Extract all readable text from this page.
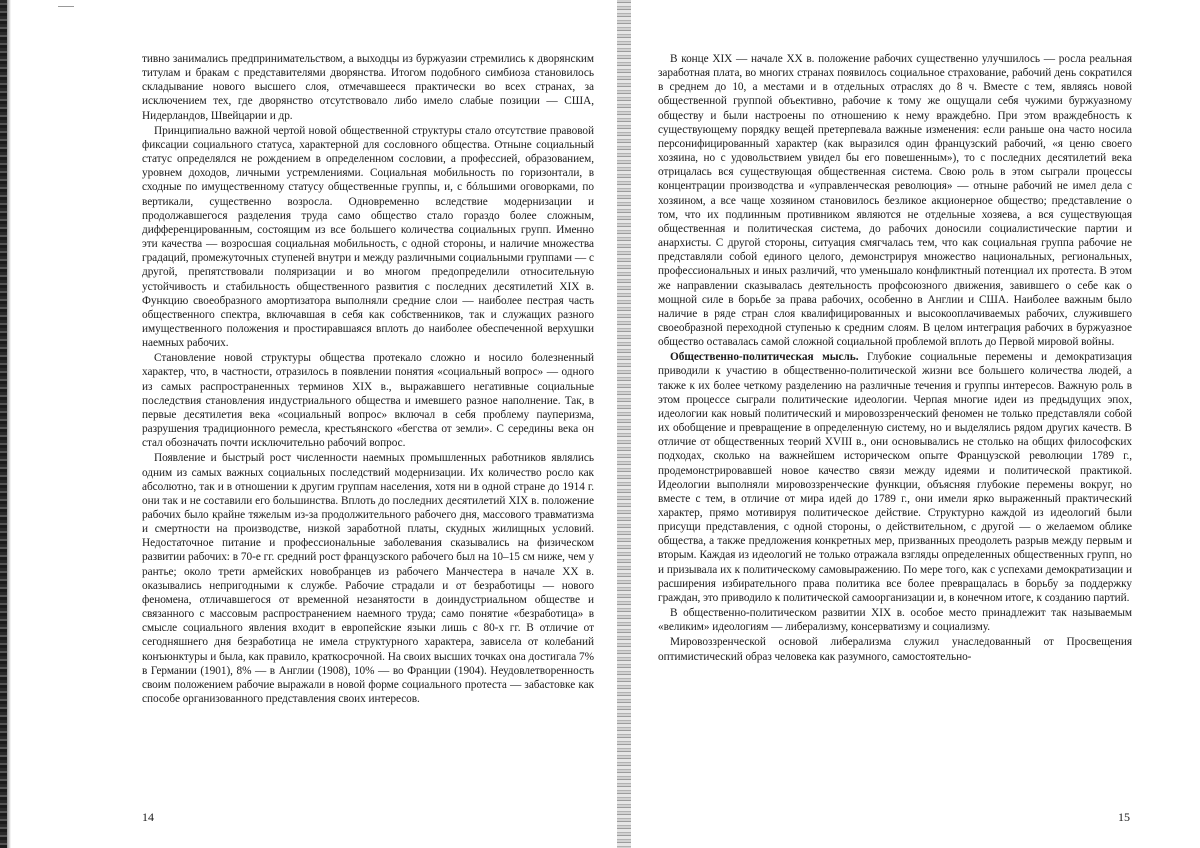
тивно занимались предпринимательством, а выходцы из буржуазии стремились к дворянским титулам и бракам с представителями дворянства. Итогом подобного симбиоза становилось складывание нового высшего слоя, отмечавшееся практически во всех странах, за исключением тех, где дворянство отсутствовало либо имело слабые позиции — США, Нидерландов, Швейцарии и др.

Принципиально важной чертой новой общественной структуры стало отсутствие правовой фиксации социального статуса, характерной для сословного общества. Отныне социальный статус определялся не рождением в определенном сословии, а профессией, образованием, уровнем доходов, личными устремлениями. Социальная мобильность по горизонтали, в сходные по имущественному статусу общественные группы, и, с бóльшими оговорками, по вертикали, существенно возросла. Одновременно вследствие модернизации и продолжавшегося разделения труда само общество стало гораздо более сложным, дифференцированным, состоящим из все большего количества социальных групп. Именно эти качества — возросшая социальная мобильность, с одной стороны, и наличие множества градаций, промежуточных ступеней внутри и между различными социальными группами — с другой, препятствовали поляризации и во многом предопределили относительную устойчивость и стабильность общественного развития с последних десятилетий XIX в. Функцию своеобразного амортизатора выполняли средние слои — наиболее пестрая часть общественного спектра, включавшая в себя как собственников, так и служащих разного имущественного положения и простиравшаяся вплоть до наиболее обеспеченной верхушки наемных рабочих.

Становление новой структуры общества протекало сложно и носило болезненный характер, что, в частности, отразилось в появлении понятия «социальный вопрос» — одного из самых распространенных терминов XIX в., выражавшего негативные социальные последствия становления индустриального общества и имевшего разное наполнение. Так, в первые десятилетия века «социальный вопрос» включал в себя проблему пауперизма, разрушения традиционного ремесла, крестьянского «бегства от земли». С середины века он стал обозначать почти исключительно рабочий вопрос.

Появление и быстрый рост численности наемных промышленных работников являлись одним из самых важных социальных последствий модернизации. Их количество росло как абсолютно, так и в отношении к другим группам населения, хотя ни в одной стране до 1914 г. они так и не составили его большинства. Вплоть до последних десятилетий XIX в. положение рабочих было крайне тяжелым из-за продолжительного рабочего дня, массового травматизма и смертности на производстве, низкой заработной платы, скудных жилищных условий. Недостаточное питание и профессиональные заболевания сказывались на физическом развитии рабочих: в 70-е гг. средний рост французского рабочего был на 10–15 см ниже, чем у рантье; около трети армейских новобранцев из рабочего Манчестера в начале XX в. оказывались непригодными к службе. Рабочие страдали и от безработицы — нового феномена, отличавшегося от временной незанятости в доиндустриальном обществе и связанного с массовым распространением наемного труда; само понятие «безработица» в смысле социального явления входит в европейские языки лишь с 80-х гг. В отличие от сегодняшнего дня безработица не имела структурного характера, зависела от колебаний конъюнктуры и была, как правило, краткосрочной. На своих высших точках она достигала 7% в Германии (1901), 8% — в Англии (1908), 10% — во Франции (1904). Неудовлетворенность своим положением рабочие выражали в новой форме социального протеста — забастовке как способе организованного представления своих интересов.

14

В конце XIX — начале XX в. положение рабочих существенно улучшилось — росла реальная заработная плата, во многих странах появилось социальное страхование, рабочий день сократился в среднем до 10, а местами и в отдельных отраслях до 8 ч. Вместе с тем, являясь новой общественной группой объективно, рабочие к тому же ощущали себя чужими буржуазному обществу и были настроены по отношению к нему враждебно. При этом враждебность к существующему порядку вещей претерпевала важные изменения: если раньше она часто носила персонифицированный характер (как выразился один французский рабочий, «я ценю своего хозяина, но с удовольствием увидел бы его повешенным»), то с последних десятилетий века отрицалась вся существующая общественная система. Свою роль в этом сыграли процессы концентрации производства и «управленческая революция» — отныне рабочий не имел дела с хозяином, а все чаще хозяином становилось безликое акционерное общество; представление о том, что их подлинным противником являются не отдельные хозяева, а вся существующая общественная и политическая система, до рабочих доносили социалистические партии и анархисты. С другой стороны, ситуация смягчалась тем, что как социальная группа рабочие не представляли собой единого целого, демонстрируя множество национальных, региональных, профессиональных и иных различий, что уменьшало конфликтный потенциал их протеста. В этом же направлении сказывалась деятельность профсоюзного движения, завившего о себе как о мощной силе в борьбе за права рабочих, особенно в Англии и США. Наиболее важным было наличие в ряде стран слоя квалифицированных и высокооплачиваемых рабочих, служившего своеобразной переходной ступенью к средним слоям. В целом интеграция рабочих в буржуазное общество оставалась самой сложной социальной проблемой вплоть до Первой мировой войны.

Общественно-политическая мысль. Глубокие социальные перемены и демократизация приводили к участию в общественно-политической жизни все большего количества людей, а также к их более четкому разделению на различные течения и группы интересов. Важную роль в этом процессе сыграли политические идеологии. Черпая многие идеи из предыдущих эпох, идеологии как новый политический и мировоззренческий феномен не только представляли собой их обобщение и превращение в определенную систему, но и выделялись рядом других качеств. В отличие от общественных теорий XVIII в., они основывались не столько на общих философских подходах, сколько на важнейшем историческом опыте Французской революции 1789 г., продемонстрировавшей новое качество связи между идеями и политической практикой. Идеологии выполняли мировоззренческие функции, объясняя глубокие перемены вокруг, но вместе с тем, в отличие от мира идей до 1789 г., они имели ярко выраженный практический характер, прямо мотивируя политическое действие. Структурно каждой из идеологий были присущи представления, с одной стороны, о действительном, с другой — о желаемом облике общества, а также предложения конкретных мер, призванных преодолеть разрыв между первым и вторым. Каждая из идеологий не только отражала взгляды определенных общественных групп, но и призывала их к политическому самовыражению. По мере того, как с успехами демократизации и расширения избирательного права политика все более превращалась в борьбу за поддержку граждан, это приводило к политической самоорганизации и, в конечном итоге, к созданию партий.

В общественно-политическом развитии XIX в. особое место принадлежит так называемым «великим» идеологиям — либерализму, консерватизму и социализму.

Мировоззренческой основой либерализма служил унаследованный от Просвещения оптимистический образ человека как разумного, самостоятельно-

15
